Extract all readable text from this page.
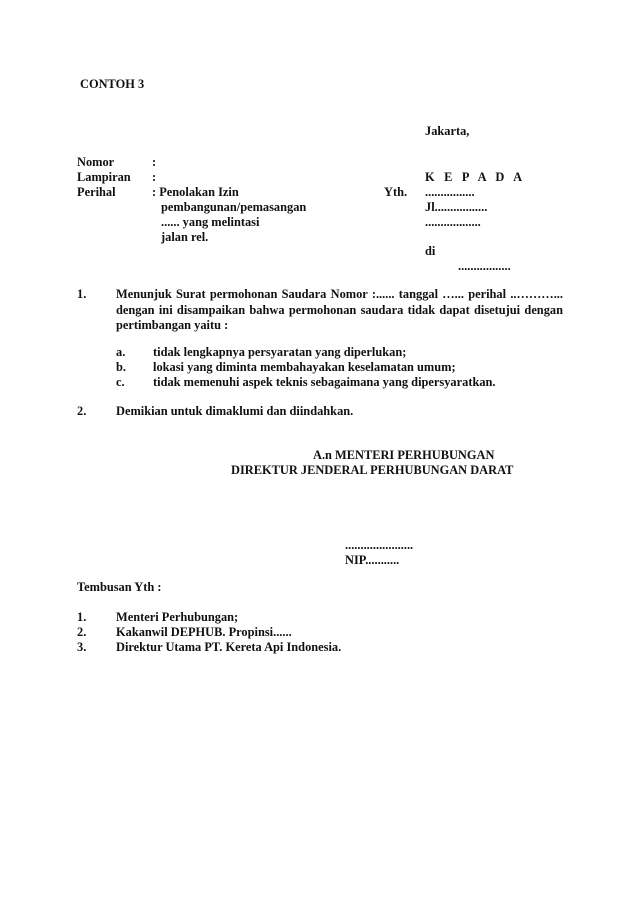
CONTOH 3
Jakarta,
Nomor	:
Lampiran :
Perihal	: Penolakan Izin
pembangunan/pemasangan
...... yang melintasi
jalan rel.
K E P A D A
Yth. ................
Jl.................
..................
di
.................
1. Menunjuk Surat permohonan Saudara Nomor :...... tanggal …... perihal ..………... dengan ini disampaikan bahwa permohonan saudara tidak dapat disetujui dengan pertimbangan yaitu :
a. tidak lengkapnya persyaratan yang diperlukan;
b. lokasi yang diminta membahayakan keselamatan umum;
c. tidak memenuhi aspek teknis sebagaimana yang dipersyaratkan.
2. Demikian untuk dimaklumi dan diindahkan.
A.n MENTERI PERHUBUNGAN
DIREKTUR JENDERAL PERHUBUNGAN DARAT
......................
NIP...........
Tembusan Yth :
1. Menteri Perhubungan;
2. Kakanwil DEPHUB. Propinsi......
3. Direktur Utama PT. Kereta Api Indonesia.
